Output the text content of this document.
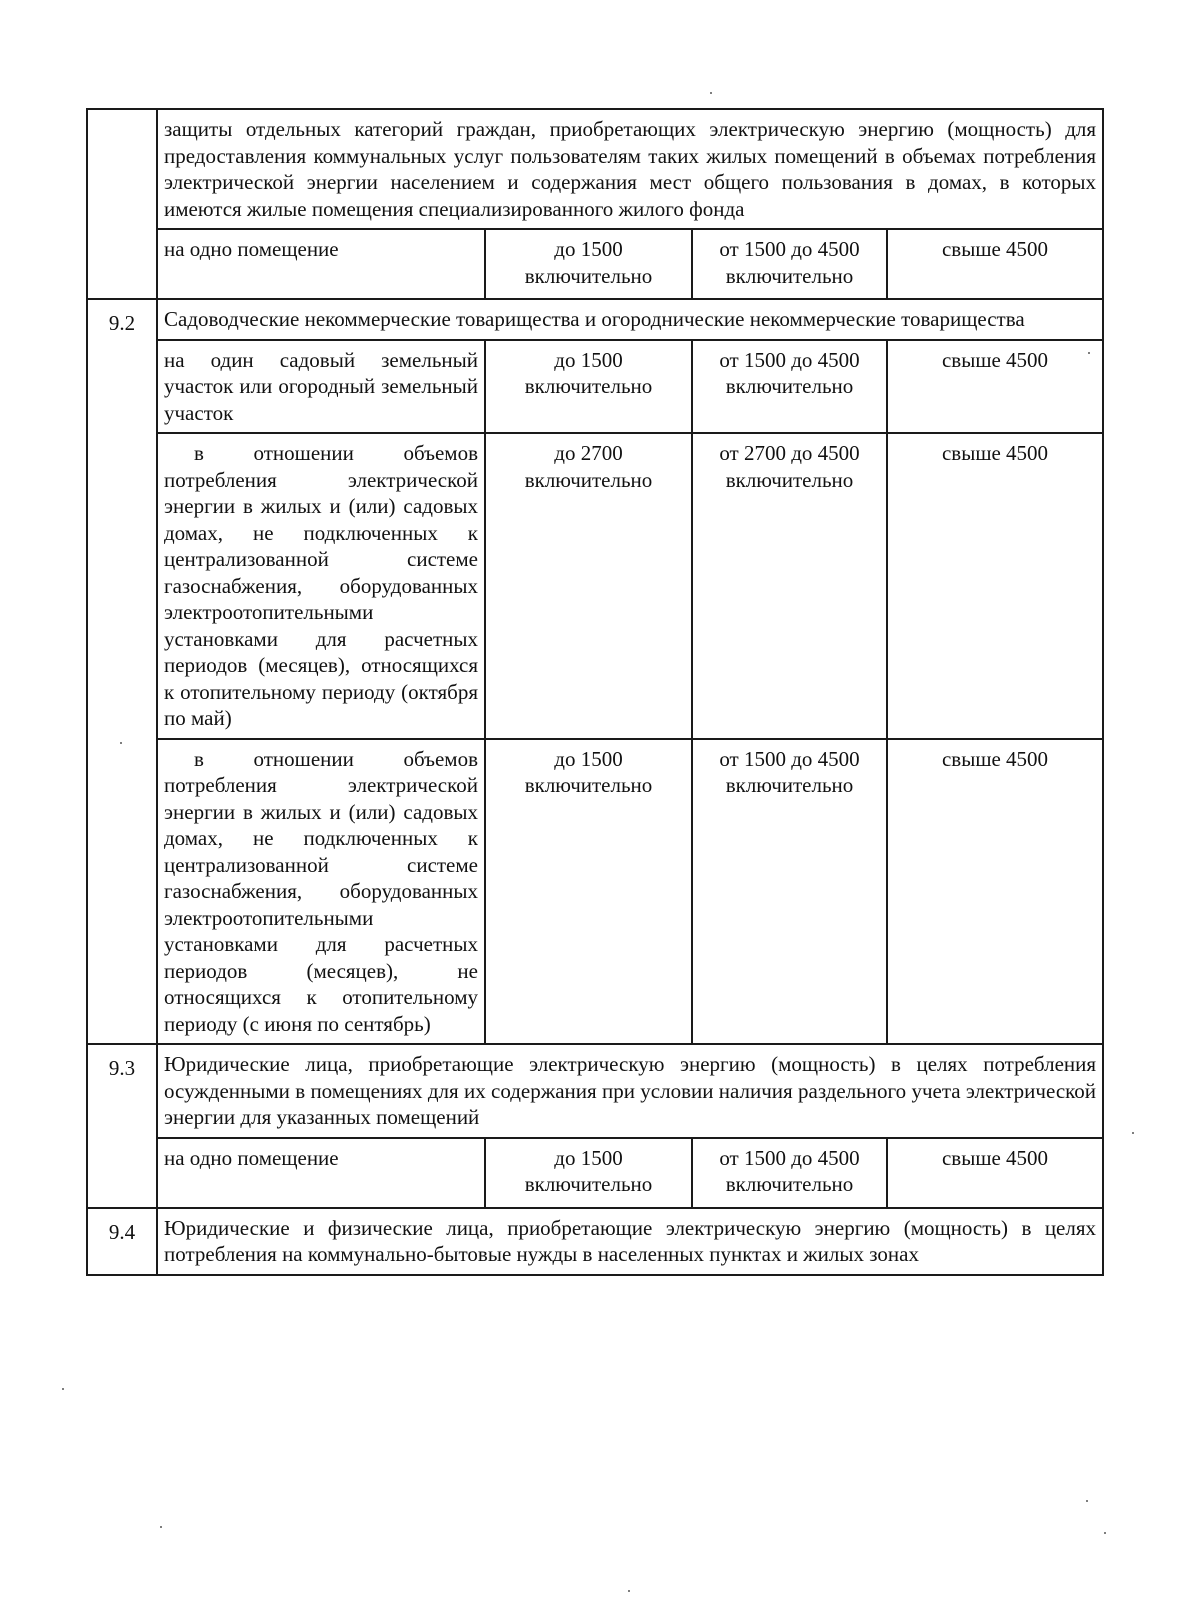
	защиты отдельных категорий граждан, приобретающих электрическую энергию (мощность) для предоставления коммунальных услуг пользователям таких жилых помещений в объемах потребления электрической энергии населением и содержания мест общего пользования в домах, в которых имеются жилые помещения специализированного жилого фонда			
	на одно помещение	до 1500 включительно	от 1500 до 4500 включительно	свыше 4500
9.2	Садоводческие некоммерческие товарищества и огороднические некоммерческие товарищества			
	на один садовый земельный участок или огородный земельный участок	до 1500 включительно	от 1500 до 4500 включительно	свыше 4500
	в отношении объемов потребления электрической энергии в жилых и (или) садовых домах, не подключенных к централизованной системе газоснабжения, оборудованных электроотопительными установками для расчетных периодов (месяцев), относящихся к отопительному периоду (октября по май)	до 2700 включительно	от 2700 до 4500 включительно	свыше 4500
	в отношении объемов потребления электрической энергии в жилых и (или) садовых домах, не подключенных к централизованной системе газоснабжения, оборудованных электроотопительными установками для расчетных периодов (месяцев), не относящихся к отопительному периоду (с июня по сентябрь)	до 1500 включительно	от 1500 до 4500 включительно	свыше 4500
9.3	Юридические лица, приобретающие электрическую энергию (мощность) в целях потребления осужденными в помещениях для их содержания при условии наличия раздельного учета электрической энергии для указанных помещений			
	на одно помещение	до 1500 включительно	от 1500 до 4500 включительно	свыше 4500
9.4	Юридические и физические лица, приобретающие электрическую энергию (мощность) в целях потребления на коммунально-бытовые нужды в населенных пунктах и жилых зонах			
